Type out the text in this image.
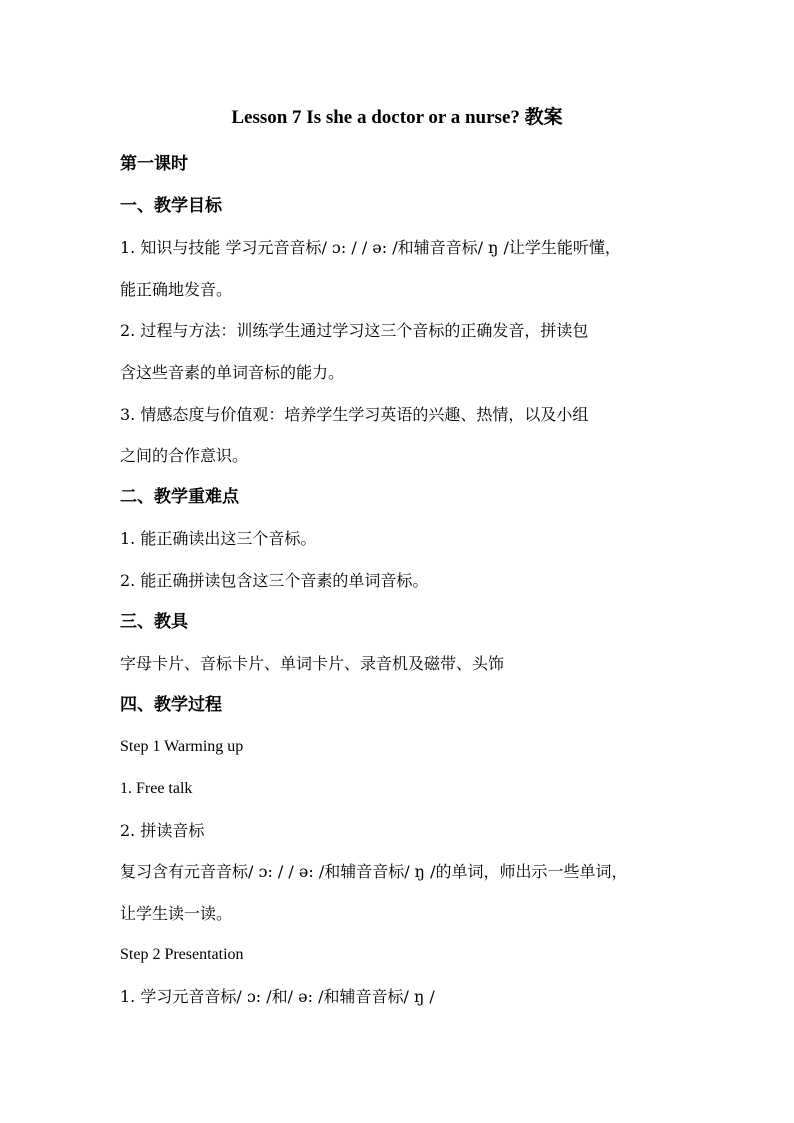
Lesson 7 Is she a doctor or a nurse? 教案
第一课时
一、教学目标
1. 知识与技能 学习元音音标/ ɔ: / / ə: /和辅音音标/ ŋ /让学生能听懂，
能正确地发音。
2. 过程与方法：训练学生通过学习这三个音标的正确发音，拼读包
含这些音素的单词音标的能力。
3. 情感态度与价值观：培养学生学习英语的兴趣、热情，以及小组
之间的合作意识。
二、教学重难点
1. 能正确读出这三个音标。
2. 能正确拼读包含这三个音素的单词音标。
三、教具
字母卡片、音标卡片、单词卡片、录音机及磁带、头饰
四、教学过程
Step 1 Warming up
1. Free talk
2. 拼读音标
复习含有元音音标/ ɔ: / / ə: /和辅音音标/ ŋ /的单词，师出示一些单词，
让学生读一读。
Step 2 Presentation
1. 学习元音音标/ ɔ: /和/ ə: /和辅音音标/ ŋ /
